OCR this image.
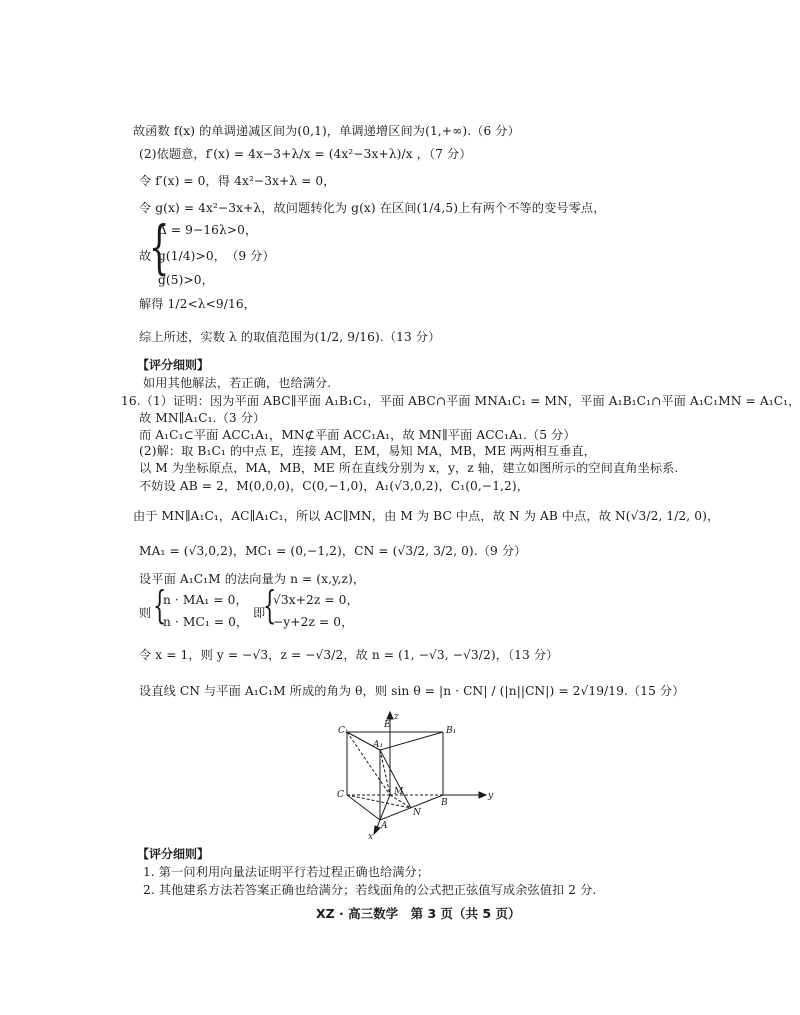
故函数 f(x) 的单调递减区间为(0,1)，单调递增区间为(1,+∞).（6 分）
(2)依题意，f′(x) = 4x−3+λ/x = (4x²−3x+λ)/x ，（7 分）
令 f′(x) = 0，得 4x²−3x+λ = 0，
令 g(x) = 4x²−3x+λ，故问题转化为 g(x) 在区间(1/4,5)上有两个不等的变号零点，
{
故
Δ = 9−16λ>0，
g(1/4)>0，　（9 分）
g(5)>0，
解得 1/2<λ<9/16，
综上所述，实数 λ 的取值范围为(1/2, 9/16).（13 分）
【评分细则】
如用其他解法，若正确，也给满分.
16.（1）证明：因为平面 ABC∥平面 A₁B₁C₁，平面 ABC∩平面 MNA₁C₁ = MN，平面 A₁B₁C₁∩平面 A₁C₁MN = A₁C₁，
故 MN∥A₁C₁.（3 分）
而 A₁C₁⊂平面 ACC₁A₁，MN⊄平面 ACC₁A₁，故 MN∥平面 ACC₁A₁.（5 分）
(2)解：取 B₁C₁ 的中点 E，连接 AM，EM，易知 MA，MB，ME 两两相互垂直，
以 M 为坐标原点，MA，MB，ME 所在直线分别为 x，y，z 轴，建立如图所示的空间直角坐标系.
不妨设 AB = 2，M(0,0,0)，C(0,−1,0)，A₁(√3,0,2)，C₁(0,−1,2)，
由于 MN∥A₁C₁，AC∥A₁C₁，所以 AC∥MN，由 M 为 BC 中点，故 N 为 AB 中点，故 N(√3/2, 1/2, 0)，
MA₁ = (√3,0,2)，MC₁ = (0,−1,2)，CN = (√3/2, 3/2, 0).（9 分）
设平面 A₁C₁M 的法向量为 n = (x,y,z)，
则 {
n · MA₁ = 0，
n · MC₁ = 0，
即
{
√3x+2z = 0，
−y+2z = 0，
令 x = 1，则 y = −√3，z = −√3/2，故 n = (1, −√3, −√3/2)，（13 分）
设直线 CN 与平面 A₁C₁M 所成的角为 θ，则 sin θ = |n · CN| / (|n||CN|) = 2√19/19.（15 分）
C₁
A₁
B₁
E
z
C	M
B
y
N
A
x
【评分细则】
1. 第一问利用向量法证明平行若过程正确也给满分；
2. 其他建系方法若答案正确也给满分；若线面角的公式把正弦值写成余弦值扣 2 分.
XZ · 高三数学　第 3 页（共 5 页）
